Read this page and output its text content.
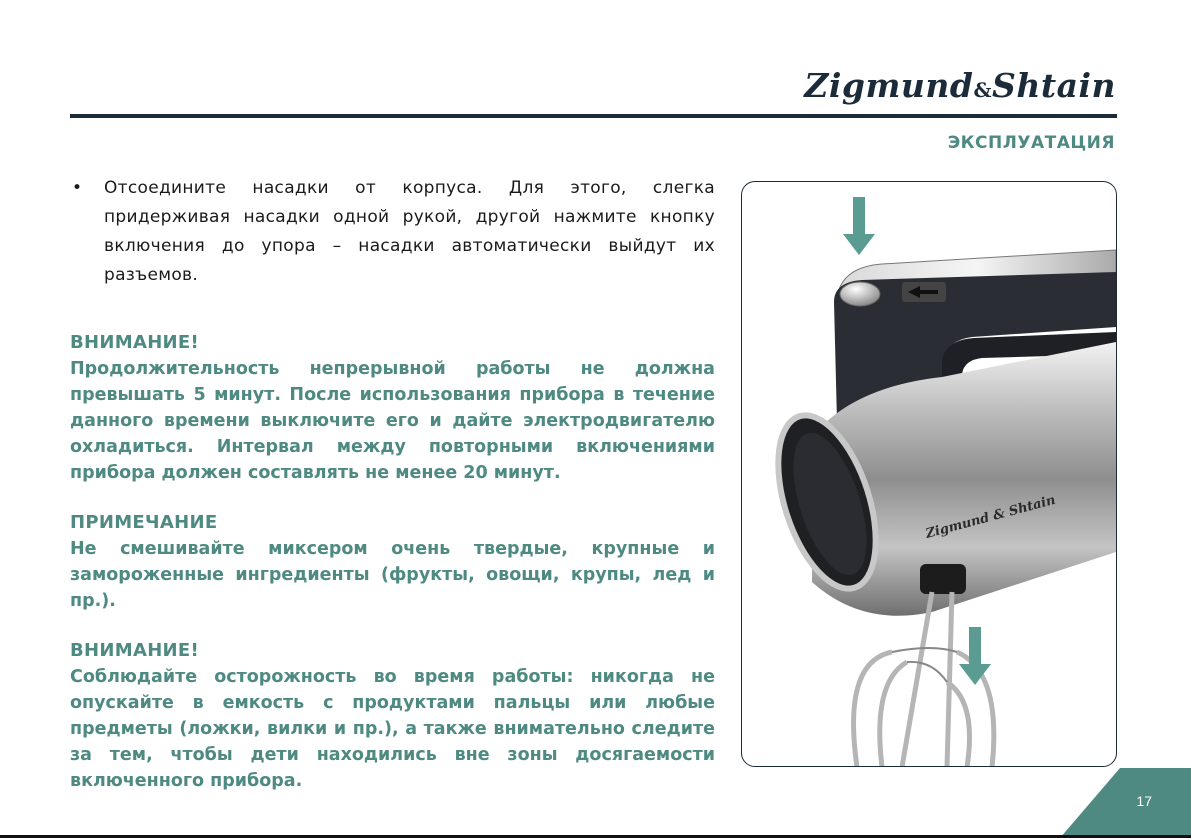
Zigmund&Shtain
ЭКСПЛУАТАЦИЯ
• Отсоедините насадки от корпуса. Для этого, слегка придерживая насадки одной рукой, другой нажмите кнопку включения до упора – насадки автоматически выйдут их разъемов.
ВНИМАНИЕ!
Продолжительность непрерывной работы не должна превышать 5 минут. После использования прибора в течение данного времени выключите его и дайте электродвигателю охладиться. Интервал между повторными включениями прибора должен составлять не менее 20 минут.
ПРИМЕЧАНИЕ
Не смешивайте миксером очень твердые, крупные и замороженные ингредиенты (фрукты, овощи, крупы, лед и пр.).
ВНИМАНИЕ!
Соблюдайте осторожность во время работы: никогда не опускайте в емкость с продуктами пальцы или любые предметы (ложки, вилки и пр.), а также внимательно следите за тем, чтобы дети находились вне зоны досягаемости включенного прибора.
Zigmund & Shtain
17
